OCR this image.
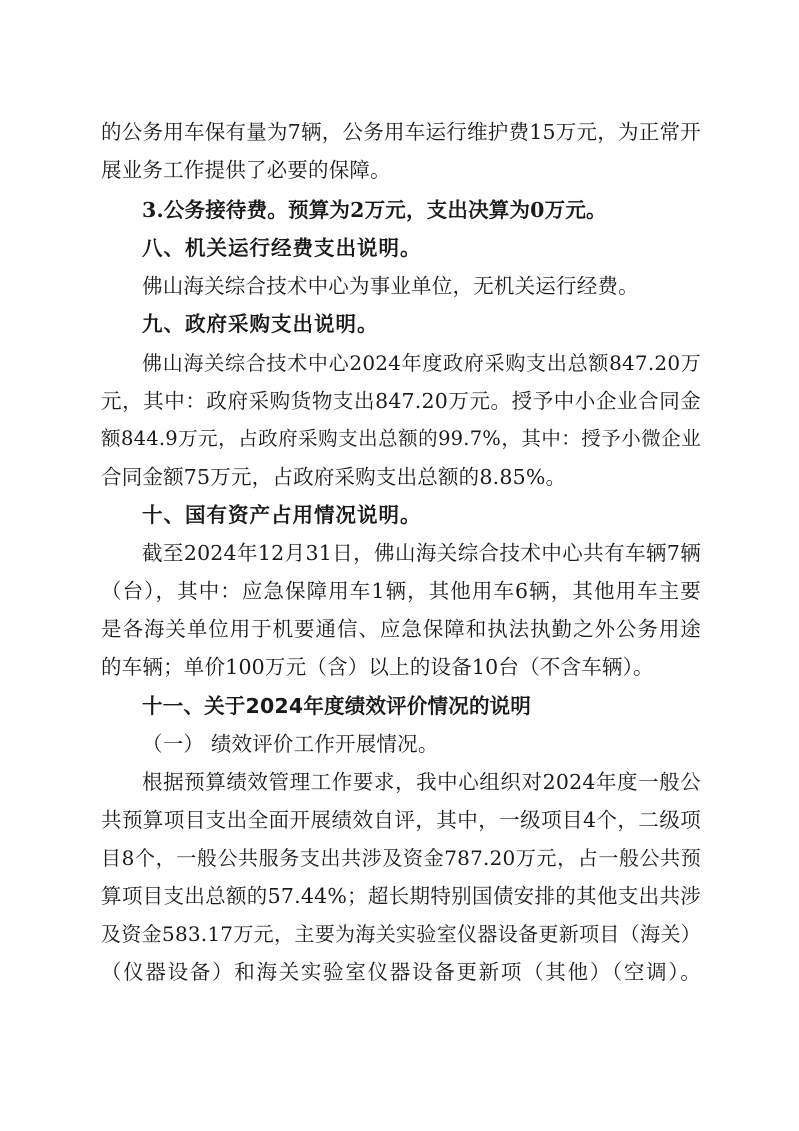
的公务用车保有量为7辆，公务用车运行维护费15万元，为正常开
展业务工作提供了必要的保障。
3.公务接待费。预算为2万元，支出决算为0万元。
八、机关运行经费支出说明。
佛山海关综合技术中心为事业单位，无机关运行经费。
九、政府采购支出说明。
佛山海关综合技术中心2024年度政府采购支出总额847.20万
元，其中：政府采购货物支出847.20万元。授予中小企业合同金
额844.9万元，占政府采购支出总额的99.7%，其中：授予小微企业
合同金额75万元，占政府采购支出总额的8.85%。
十、国有资产占用情况说明。
截至2024年12月31日，佛山海关综合技术中心共有车辆7辆
（台），其中：应急保障用车1辆，其他用车6辆，其他用车主要
是各海关单位用于机要通信、应急保障和执法执勤之外公务用途
的车辆；单价100万元（含）以上的设备10台（不含车辆）。
十一、关于2024年度绩效评价情况的说明
（一） 绩效评价工作开展情况。
根据预算绩效管理工作要求，我中心组织对2024年度一般公
共预算项目支出全面开展绩效自评，其中，一级项目4个，二级项
目8个，一般公共服务支出共涉及资金787.20万元，占一般公共预
算项目支出总额的57.44%；超长期特别国债安排的其他支出共涉
及资金583.17万元，主要为海关实验室仪器设备更新项目（海关）
（仪器设备）和海关实验室仪器设备更新项（其他）（空调）。
